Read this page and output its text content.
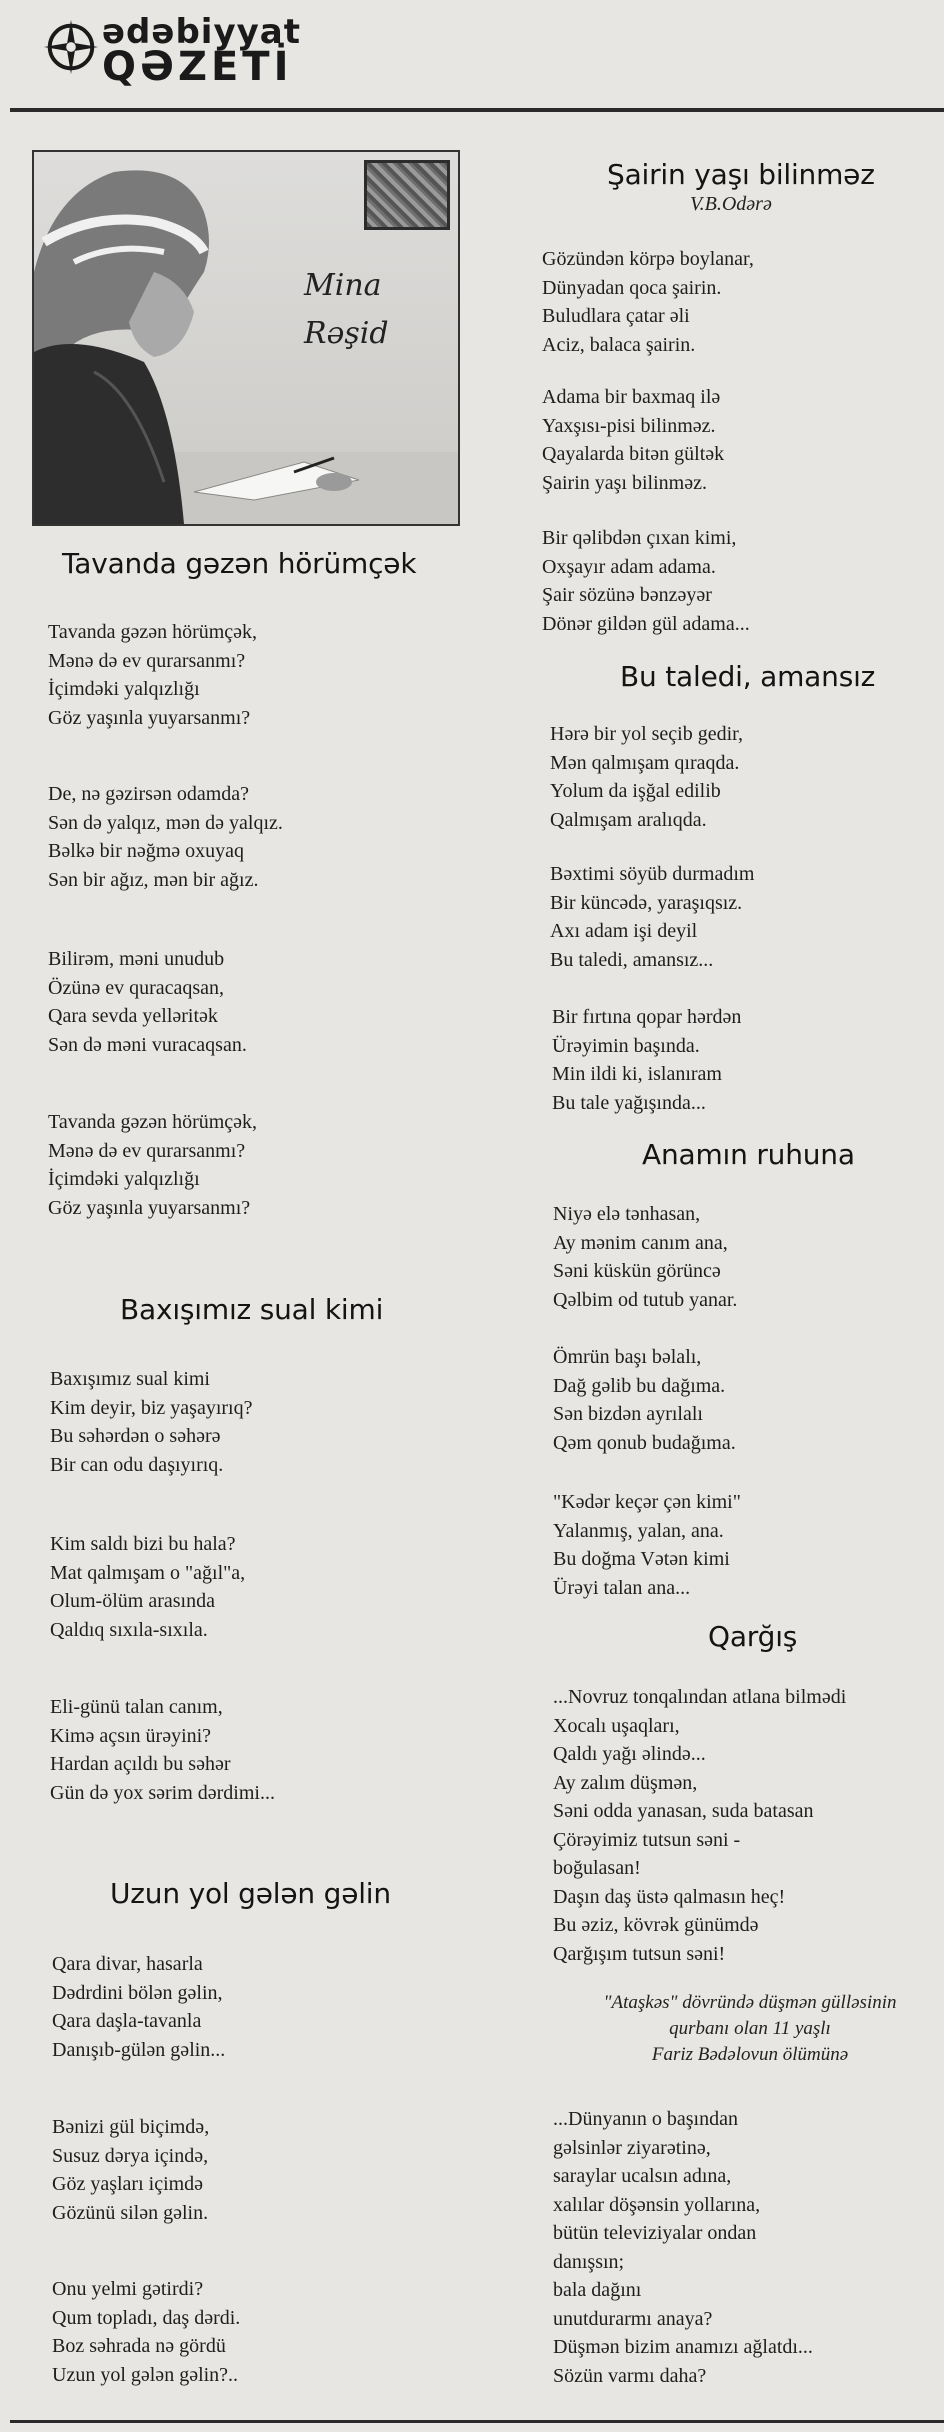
ədəbiyyat
QƏZETİ
Mina
Rəşid
Tavanda gəzən hörümçək
Tavanda gəzən hörümçək,
Mənə də ev qurarsanmı?
İçimdəki yalqızlığı
Göz yaşınla yuyarsanmı?
De, nə gəzirsən odamda?
Sən də yalqız, mən də yalqız.
Bəlkə bir nəğmə oxuyaq
Sən bir ağız, mən bir ağız.
Bilirəm, məni unudub
Özünə ev quracaqsan,
Qara sevda yelləritək
Sən də məni vuracaqsan.
Tavanda gəzən hörümçək,
Mənə də ev qurarsanmı?
İçimdəki yalqızlığı
Göz yaşınla yuyarsanmı?
Baxışımız sual kimi
Baxışımız sual kimi
Kim deyir, biz yaşayırıq?
Bu səhərdən o səhərə
Bir can odu daşıyırıq.
Kim saldı bizi bu hala?
Mat qalmışam o "ağıl"a,
Olum-ölüm arasında
Qaldıq sıxıla-sıxıla.
Eli-günü talan canım,
Kimə açsın ürəyini?
Hardan açıldı bu səhər
Gün də yox sərim dərdimi...
Uzun yol gələn gəlin
Qara divar, hasarla
Dədrdini bölən gəlin,
Qara daşla-tavanla
Danışıb-gülən gəlin...
Bənizi gül biçimdə,
Susuz dərya içində,
Göz yaşları içimdə
Gözünü silən gəlin.
Onu yelmi gətirdi?
Qum topladı, daş dərdi.
Boz səhrada nə gördü
Uzun yol gələn gəlin?..
Şairin yaşı bilinməz
V.B.Odərə
Gözündən körpə boylanar,
Dünyadan qoca şairin.
Buludlara çatar əli
Aciz, balaca şairin.
Adama bir baxmaq ilə
Yaxşısı-pisi bilinməz.
Qayalarda bitən gültək
Şairin yaşı bilinməz.
Bir qəlibdən çıxan kimi,
Oxşayır adam adama.
Şair sözünə bənzəyər
Dönər gildən gül adama...
Bu taledi, amansız
Hərə bir yol seçib gedir,
Mən qalmışam qıraqda.
Yolum da işğal edilib
Qalmışam aralıqda.
Bəxtimi söyüb durmadım
Bir küncədə, yaraşıqsız.
Axı adam işi deyil
Bu taledi, amansız...
Bir fırtına qopar hərdən
Ürəyimin başında.
Min ildi ki, islanıram
Bu tale yağışında...
Anamın ruhuna
Niyə elə tənhasan,
Ay mənim canım ana,
Səni küskün görüncə
Qəlbim od tutub yanar.
Ömrün başı bəlalı,
Dağ gəlib bu dağıma.
Sən bizdən ayrılalı
Qəm qonub budağıma.
"Kədər keçər çən kimi"
Yalanmış, yalan, ana.
Bu doğma Vətən kimi
Ürəyi talan ana...
Qarğış
...Novruz tonqalından atlana bilmədi
Xocalı uşaqları,
Qaldı yağı əlində...
Ay zalım düşmən,
Səni odda yanasan, suda batasan
Çörəyimiz tutsun səni -
boğulasan!
Daşın daş üstə qalmasın heç!
Bu əziz, kövrək günümdə
Qarğışım tutsun səni!
"Ataşkəs" dövründə düşmən gülləsinin
qurbanı olan 11 yaşlı
Fariz Bədəlovun ölümünə
...Dünyanın o başından
gəlsinlər ziyarətinə,
saraylar ucalsın adına,
xalılar döşənsin yollarına,
bütün televiziyalar ondan
danışsın;
bala dağını
unutdurarmı anaya?
Düşmən bizim anamızı ağlatdı...
Sözün varmı daha?
